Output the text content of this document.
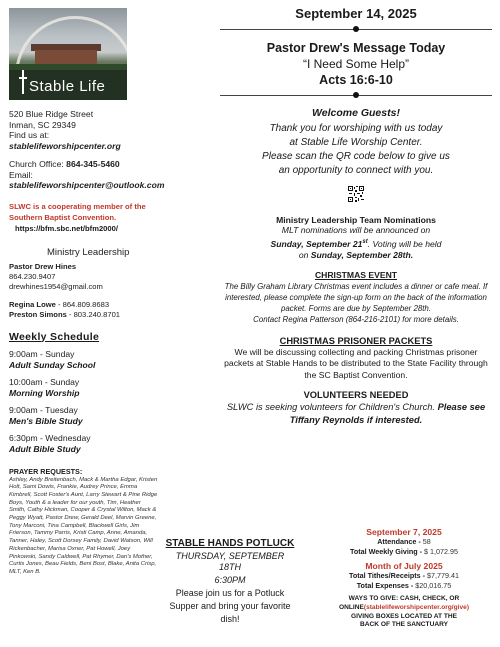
Stable Life
520 Blue Ridge Street
Inman, SC 29349
Find us at:
stablelifeworshipcenter.org
Church Office: 864-345-5460
Email:
stablelifeworshipcenter@outlook.com
SLWC is a cooperating member of the Southern Baptist Convention.
https://bfm.sbc.net/bfm2000/
Ministry Leadership
Pastor Drew Hines
864.230.9407
drewhines1954@gmail.com
Regina Lowe - 864.809.8683
Preston Simons - 803.240.8701
Weekly Schedule
9:00am - Sunday
Adult Sunday School
10:00am - Sunday
Morning Worship
9:00am - Tuesday
Men's Bible Study
6:30pm - Wednesday
Adult Bible Study
PRAYER REQUESTS:
Ashley, Andy Breitenbach, Mack & Martha Edgar, Kristen Holt, Sami Dowis, Frankie, Audrey Prince, Emma Kimbrell, Scott Foster's Aunt, Larry Stewart & Pine Ridge Boys, Youth & a leader for our youth, Tim, Heather Smith, Cathy Hickman, Cooper & Crystal Wilton, Mack & Peggy Wyatt, Pastor Drew, Gerald Deel, Marvin Greene, Tony Marconi, Tina Campbell, Blackwell Girls, Jim Frierson, Tammy Parris, Kristi Camp, Anne, Amanda, Tanner, Haley, Scott Dorsey Family, David Watson, Will Rickenbacher, Marisa Oxner, Pat Howell, Joey Pinkowski, Sandy Caldwell, Pat Rhymer, Dan's Mother, Curtis Jones, Beau Fields, Beni Bost, Blake, Anita Crisp, MLT, Ken B.
STABLE HANDS POTLUCK
THURSDAY, SEPTEMBER 18TH
6:30PM
Please join us for a Potluck Supper and bring your favorite dish!
September 14, 2025
Pastor Drew's Message Today
“I Need Some Help”
Acts 16:6-10
Welcome Guests!
Thank you for worshiping with us today
at Stable Life Worship Center.
Please scan the QR code below to give us
an opportunity to connect with you.
Ministry Leadership Team Nominations
MLT nominations will be announced on
Sunday, September 21st. Voting will be held
on Sunday, September 28th.
CHRISTMAS EVENT
The Billy Graham Library Christmas event includes a dinner or cafe meal. If interested, please complete the sign-up form on the back of the information packet. Forms are due by September 28th.
Contact Regina Patterson (864-216-2101) for more details.
CHRISTMAS PRISONER PACKETS
We will be discussing collecting and packing Christmas prisoner packets at Stable Hands to be distributed to the State Facility through the SC Baptist Convention.
VOLUNTEERS NEEDED
SLWC is seeking volunteers for Children's Church. Please see Tiffany Reynolds if interested.
September 7, 2025
Attendance - 58
Total Weekly Giving - $ 1,072.95
Month of July 2025
Total Tithes/Receipts - $7,779.41
Total Expenses - $20,016.75
WAYS TO GIVE: CASH, CHECK, OR
ONLINE(stablelifeworshipcenter.org/give)
GIVING BOXES LOCATED AT THE
BACK OF THE SANCTUARY
